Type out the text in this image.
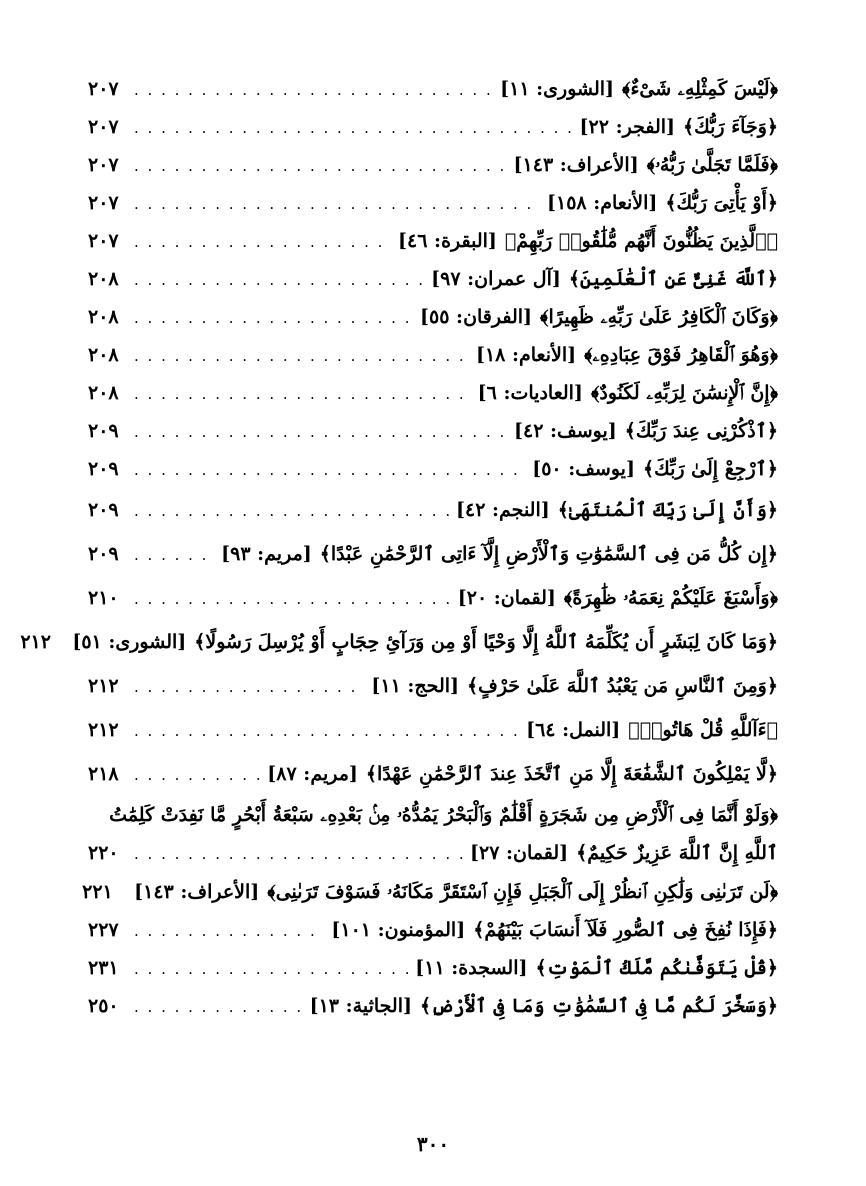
﴿لَيْسَ كَمِثْلِهِۦ شَىْءٌ﴾
[الشورى: ١١]
. . .
٢٠٧
﴿وَجَآءَ رَبُّكَ﴾
[الفجر: ٢٢]
. . .
٢٠٧
﴿فَلَمَّا تَجَلَّىٰ رَبُّهُۥ﴾
[الأعراف: ١٤٣]
. . .
٢٠٧
﴿أَوْ يَأْتِىَ رَبُّكَ﴾
[الأنعام: ١٥٨]
. . .
٢٠٧
﴿ٱلَّذِينَ يَظُنُّونَ أَنَّهُم مُّلَٰقُوا۟ رَبِّهِمْ﴾
[البقرة: ٤٦]
. . .
٢٠٧
﴿ٱللَّهَ غَنِىٌّ عَنِ ٱلْعَٰلَمِينَ﴾
[آل عمران: ٩٧]
. . .
٢٠٨
﴿وَكَانَ ٱلْكَافِرُ عَلَىٰ رَبِّهِۦ ظَهِيرًا﴾
[الفرقان: ٥٥]
. . .
٢٠٨
﴿وَهُوَ ٱلْقَاهِرُ فَوْقَ عِبَادِهِۦ﴾
[الأنعام: ١٨]
. . .
٢٠٨
﴿إِنَّ ٱلْإِنسَٰنَ لِرَبِّهِۦ لَكَنُودٌ﴾
[العاديات: ٦]
. . .
٢٠٨
﴿ٱذْكُرْنِى عِندَ رَبِّكَ﴾
[يوسف: ٤٢]
. . .
٢٠٩
﴿ٱرْجِعْ إِلَىٰ رَبِّكَ﴾
[يوسف: ٥٠]
. . .
٢٠٩
﴿وَأَنَّ إِلَىٰ رَبِّكَ ٱلْمُنتَهَىٰ﴾
[النجم: ٤٢]
. . .
٢٠٩
﴿إِن كُلُّ مَن فِى ٱلسَّمَٰوَٰتِ وَٱلْأَرْضِ إِلَّآ ءَاتِى ٱلرَّحْمَٰنِ عَبْدًا﴾
[مريم: ٩٣]
. . .
٢٠٩
﴿وَأَسْبَغَ عَلَيْكُمْ نِعَمَهُۥ ظَٰهِرَةً﴾
[لقمان: ٢٠]
. . .
٢١٠
﴿وَمَا كَانَ لِبَشَرٍ أَن يُكَلِّمَهُ ٱللَّهُ إِلَّا وَحْيًا أَوْ مِن وَرَآئِ حِجَابٍ أَوْ يُرْسِلَ رَسُولًا﴾
[الشورى: ٥١]
٢١٢
﴿وَمِنَ ٱلنَّاسِ مَن يَعْبُدُ ٱللَّهَ عَلَىٰ حَرْفٍ﴾
[الحج: ١١]
. . .
٢١٢
﴿ءَآللَّهِ قُلْ هَاتُوا۟﴾
[النمل: ٦٤]
. . .
٢١٢
﴿لَّا يَمْلِكُونَ ٱلشَّفَٰعَةَ إِلَّا مَنِ ٱتَّخَذَ عِندَ ٱلرَّحْمَٰنِ عَهْدًا﴾
[مريم: ٨٧]
. . .
٢١٨
﴿وَلَوْ أَنَّمَا فِى ٱلْأَرْضِ مِن شَجَرَةٍ أَقْلَٰمٌ وَٱلْبَحْرُ يَمُدُّهُۥ مِنۢ بَعْدِهِۦ سَبْعَةُ أَبْحُرٍ مَّا نَفِدَتْ كَلِمَٰتُ
ٱللَّهِ إِنَّ ٱللَّهَ عَزِيزٌ حَكِيمٌ﴾
[لقمان: ٢٧]
. . .
٢٢٠
﴿لَن تَرَىٰنِى وَلَٰكِنِ ٱنظُرْ إِلَى ٱلْجَبَلِ فَإِنِ ٱسْتَقَرَّ مَكَانَهُۥ فَسَوْفَ تَرَىٰنِى﴾
[الأعراف: ١٤٣]
٢٢١
﴿فَإِذَا نُفِخَ فِى ٱلصُّورِ فَلَآ أَنسَابَ بَيْنَهُمْ﴾
[المؤمنون: ١٠١]
. . .
٢٢٧
﴿قُلْ يَتَوَفَّىٰكُم مَّلَكُ ٱلْمَوْتِ﴾
[السجدة: ١١]
. . .
٢٣١
﴿وَسَخَّرَ لَكُم مَّا فِى ٱلسَّمَٰوَٰتِ وَمَا فِى ٱلْأَرْضِ﴾
[الجاثية: ١٣]
. . .
٢٥٠
٣٠٠
